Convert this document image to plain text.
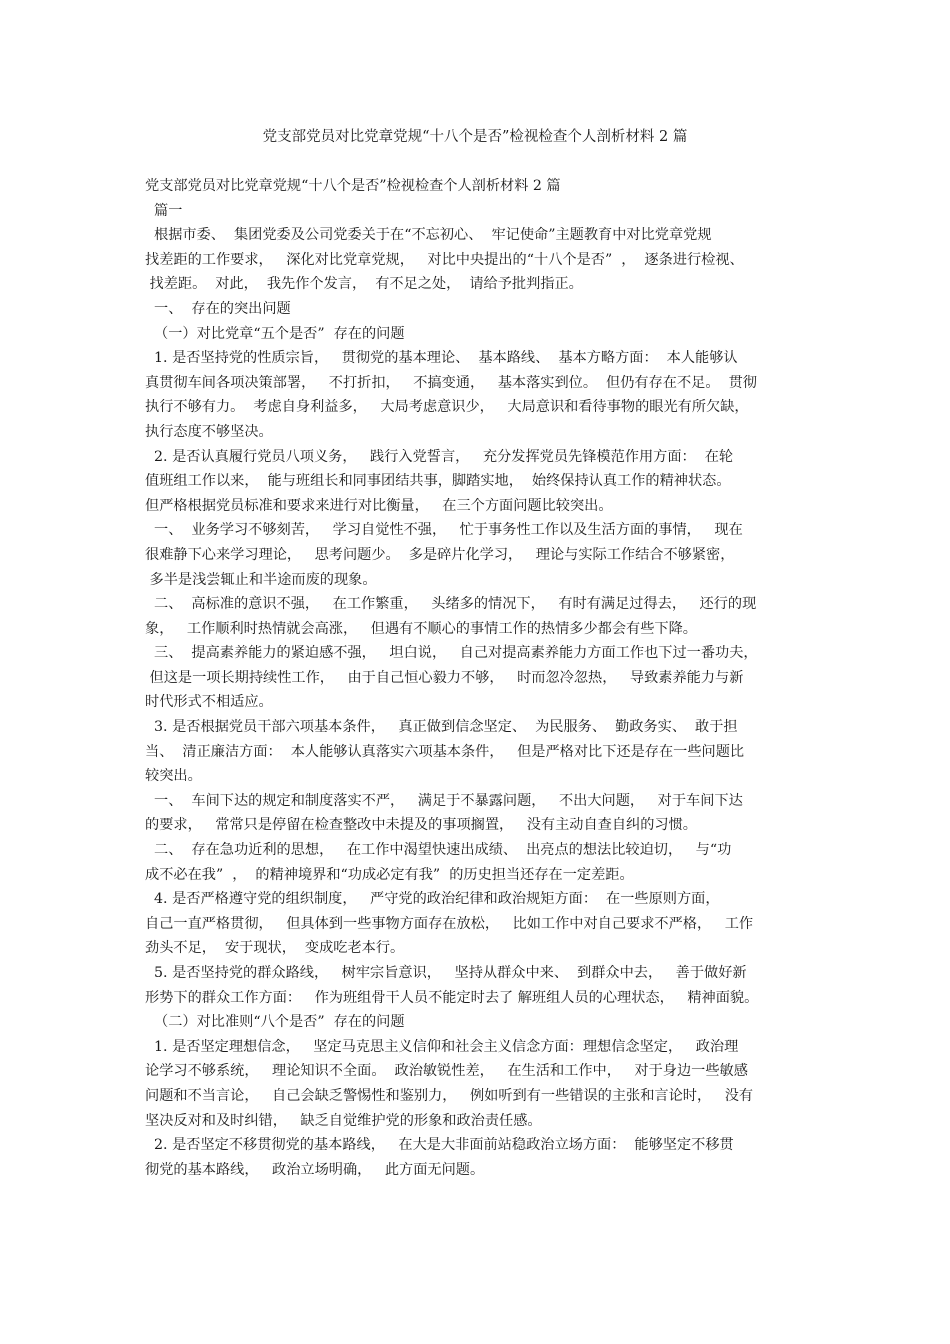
党支部党员对比党章党规“十八个是否”检视检查个人剖析材料 2 篇
党支部党员对比党章党规“十八个是否”检视检查个人剖析材料 2 篇
篇一
根据市委、  集团党委及公司党委关于在“不忘初心、  牢记使命”主题教育中对比党章党规
找差距的工作要求，   深化对比党章党规，   对比中央提出的“十八个是否”  ，  逐条进行检视、
找差距。  对此，  我先作个发言，  有不足之处，  请给予批判指正。
一、  存在的突出问题
（一）对比党章“五个是否”  存在的问题
1. 是否坚持党的性质宗旨，   贯彻党的基本理论、  基本路线、  基本方略方面：  本人能够认
真贯彻车间各项决策部署，   不打折扣，   不搞变通，   基本落实到位。  但仍有存在不足。  贯彻
执行不够有力。  考虑自身利益多，   大局考虑意识少，   大局意识和看待事物的眼光有所欠缺，
执行态度不够坚决。
2. 是否认真履行党员八项义务，   践行入党誓言，   充分发挥党员先锋模范作用方面：  在轮
值班组工作以来，  能与班组长和同事团结共事，脚踏实地，  始终保持认真工作的精神状态。
但严格根据党员标准和要求来进行对比衡量，   在三个方面问题比较突出。
一、  业务学习不够刻苦，   学习自觉性不强，   忙于事务性工作以及生活方面的事情，   现在
很难静下心来学习理论，   思考问题少。  多是碎片化学习，   理论与实际工作结合不够紧密，
多半是浅尝辄止和半途而废的现象。
二、  高标准的意识不强，   在工作繁重，   头绪多的情况下，   有时有满足过得去，   还行的现
象，   工作顺利时热情就会高涨，   但遇有不顺心的事情工作的热情多少都会有些下降。
三、  提高素养能力的紧迫感不强，   坦白说，   自己对提高素养能力方面工作也下过一番功夫，
但这是一项长期持续性工作，   由于自己恒心毅力不够，   时而忽冷忽热，   导致素养能力与新
时代形式不相适应。
3. 是否根据党员干部六项基本条件，   真正做到信念坚定、  为民服务、  勤政务实、  敢于担
当、  清正廉洁方面：  本人能够认真落实六项基本条件，   但是严格对比下还是存在一些问题比
较突出。
一、  车间下达的规定和制度落实不严，   满足于不暴露问题，   不出大问题，   对于车间下达
的要求，   常常只是停留在检查整改中未提及的事项搁置，   没有主动自查自纠的习惯。
二、  存在急功近利的思想，   在工作中渴望快速出成绩、  出亮点的想法比较迫切，   与“功
成不必在我”  ，  的精神境界和“功成必定有我”  的历史担当还存在一定差距。
4. 是否严格遵守党的组织制度，   严守党的政治纪律和政治规矩方面：  在一些原则方面，
自己一直严格贯彻，   但具体到一些事物方面存在放松，   比如工作中对自己要求不严格，   工作
劲头不足，  安于现状，  变成吃老本行。
5. 是否坚持党的群众路线，   树牢宗旨意识，   坚持从群众中来、  到群众中去，   善于做好新
形势下的群众工作方面：   作为班组骨干人员不能定时去了 解班组人员的心理状态，   精神面貌。
（二）对比准则“八个是否”  存在的问题
1. 是否坚定理想信念，   坚定马克思主义信仰和社会主义信念方面：理想信念坚定，   政治理
论学习不够系统，   理论知识不全面。  政治敏锐性差，   在生活和工作中，   对于身边一些敏感
问题和不当言论，   自己会缺乏警惕性和鉴别力，   例如听到有一些错误的主张和言论时，   没有
坚决反对和及时纠错，   缺乏自觉维护党的形象和政治责任感。
2. 是否坚定不移贯彻党的基本路线，   在大是大非面前站稳政治立场方面：  能够坚定不移贯
彻党的基本路线，   政治立场明确，   此方面无问题。
